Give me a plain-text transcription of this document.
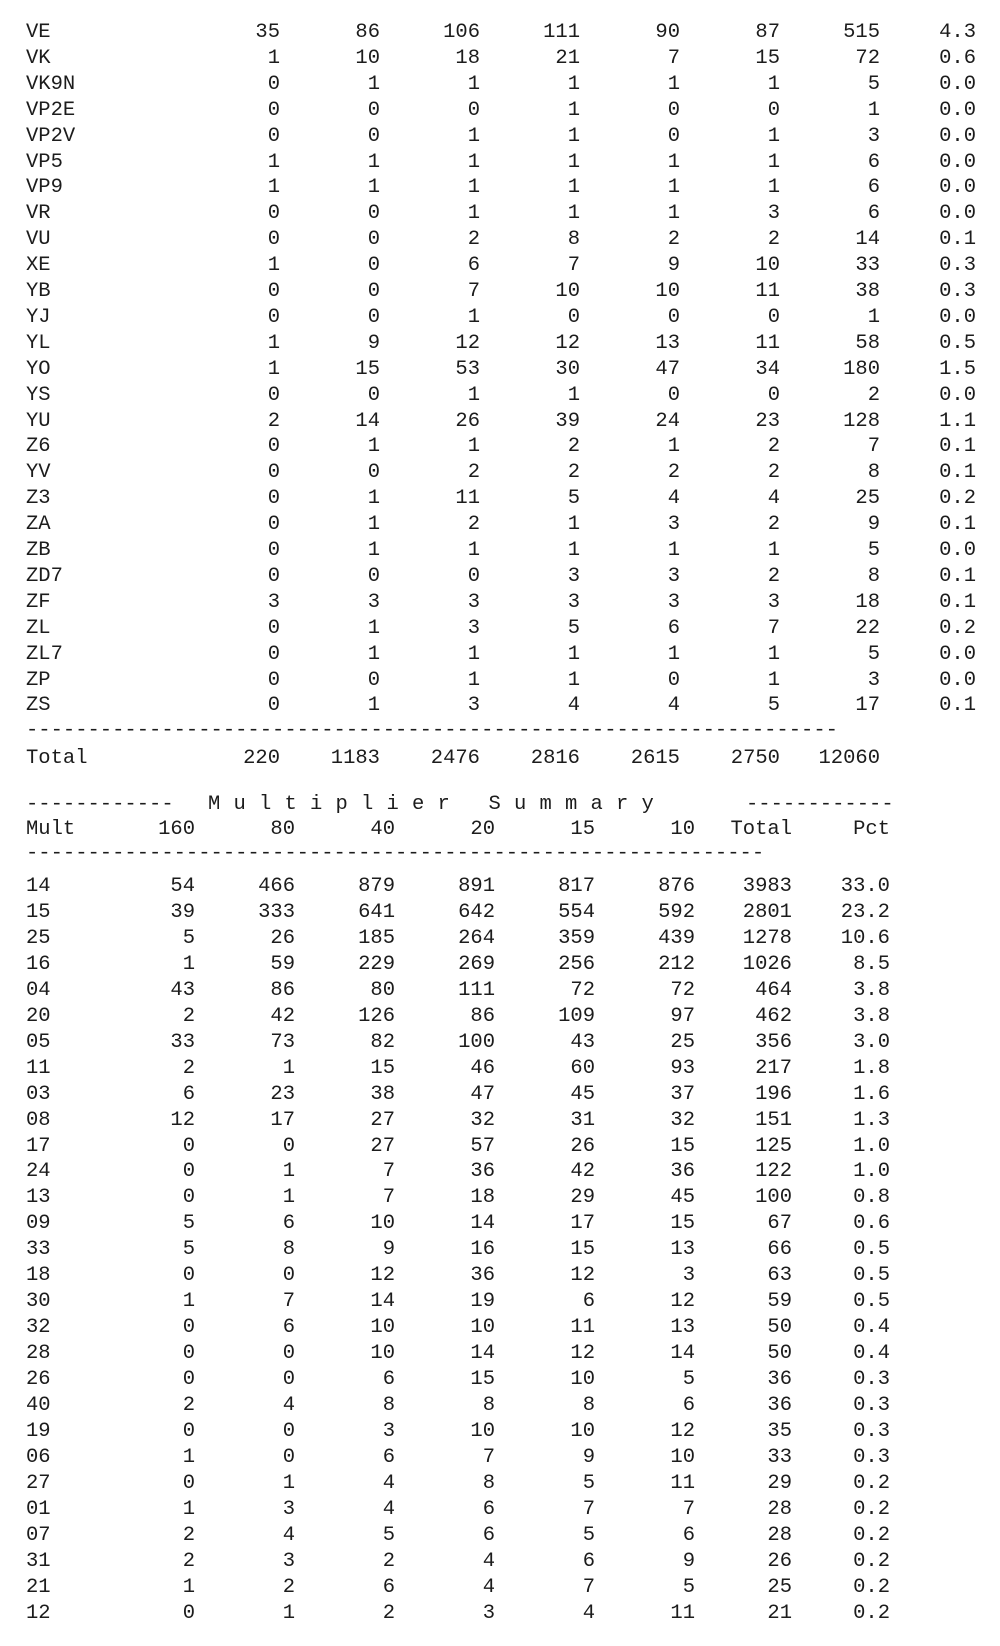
VE	35	86	106	111	90	87	515	4.3
VK	1	10	18	21	7	15	72	0.6
VK9N	0	1	1	1	1	1	5	0.0
VP2E	0	0	0	1	0	0	1	0.0
VP2V	0	0	1	1	0	1	3	0.0
VP5	1	1	1	1	1	1	6	0.0
VP9	1	1	1	1	1	1	6	0.0
VR	0	0	1	1	1	3	6	0.0
VU	0	0	2	8	2	2	14	0.1
XE	1	0	6	7	9	10	33	0.3
YB	0	0	7	10	10	11	38	0.3
YJ	0	0	1	0	0	0	1	0.0
YL	1	9	12	12	13	11	58	0.5
YO	1	15	53	30	47	34	180	1.5
YS	0	0	1	1	0	0	2	0.0
YU	2	14	26	39	24	23	128	1.1
Z6	0	1	1	2	1	2	7	0.1
YV	0	0	2	2	2	2	8	0.1
Z3	0	1	11	5	4	4	25	0.2
ZA	0	1	2	1	3	2	9	0.1
ZB	0	1	1	1	1	1	5	0.0
ZD7	0	0	0	3	3	2	8	0.1
ZF	3	3	3	3	3	3	18	0.1
ZL	0	1	3	5	6	7	22	0.2
ZL7	0	1	1	1	1	1	5	0.0
ZP	0	0	1	1	0	1	3	0.0
ZS	0	1	3	4	4	5	17	0.1
------------------------------------------------------------------
Total	220	1183	2476	2816	2615	2750	12060
------------	Multiplier Summary	------------
Mult	160	80	40	20	15	10	Total	Pct
------------------------------------------------------------
14	54	466	879	891	817	876	3983	33.0
15	39	333	641	642	554	592	2801	23.2
25	5	26	185	264	359	439	1278	10.6
16	1	59	229	269	256	212	1026	8.5
04	43	86	80	111	72	72	464	3.8
20	2	42	126	86	109	97	462	3.8
05	33	73	82	100	43	25	356	3.0
11	2	1	15	46	60	93	217	1.8
03	6	23	38	47	45	37	196	1.6
08	12	17	27	32	31	32	151	1.3
17	0	0	27	57	26	15	125	1.0
24	0	1	7	36	42	36	122	1.0
13	0	1	7	18	29	45	100	0.8
09	5	6	10	14	17	15	67	0.6
33	5	8	9	16	15	13	66	0.5
18	0	0	12	36	12	3	63	0.5
30	1	7	14	19	6	12	59	0.5
32	0	6	10	10	11	13	50	0.4
28	0	0	10	14	12	14	50	0.4
26	0	0	6	15	10	5	36	0.3
40	2	4	8	8	8	6	36	0.3
19	0	0	3	10	10	12	35	0.3
06	1	0	6	7	9	10	33	0.3
27	0	1	4	8	5	11	29	0.2
01	1	3	4	6	7	7	28	0.2
07	2	4	5	6	5	6	28	0.2
31	2	3	2	4	6	9	26	0.2
21	1	2	6	4	7	5	25	0.2
12	0	1	2	3	4	11	21	0.2
